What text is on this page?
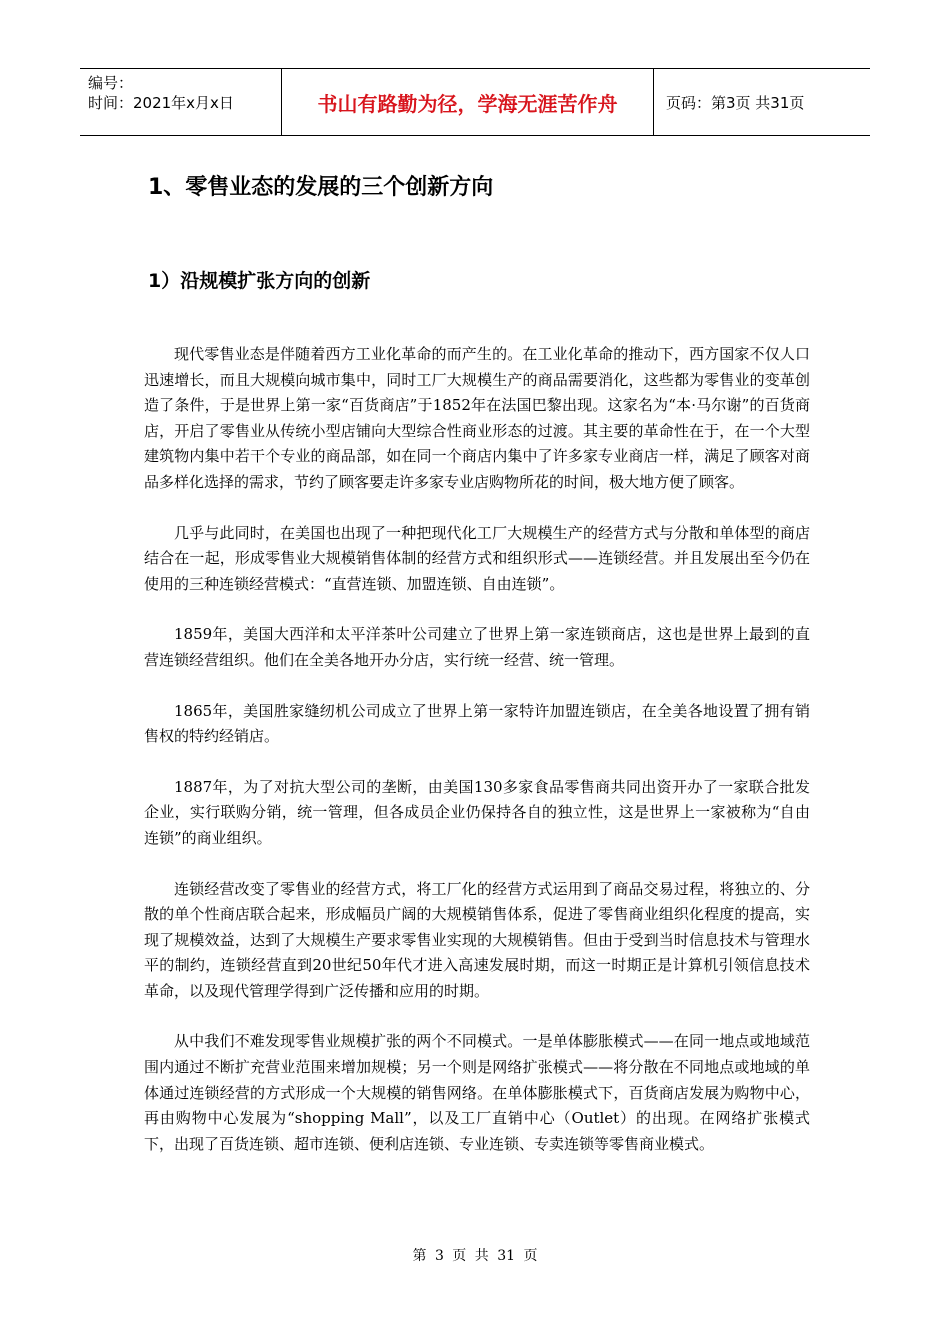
编号：
时间：2021年x月x日	书山有路勤为径，学海无涯苦作舟	页码：第3页 共31页
1、零售业态的发展的三个创新方向
1）沿规模扩张方向的创新

现代零售业态是伴随着西方工业化革命的而产生的。在工业化革命的推动下，西方国家不仅人口迅速增长，而且大规模向城市集中，同时工厂大规模生产的商品需要消化，这些都为零售业的变革创造了条件，于是世界上第一家“百货商店”于1852年在法国巴黎出现。这家名为“本·马尔谢”的百货商店，开启了零售业从传统小型店铺向大型综合性商业形态的过渡。其主要的革命性在于，在一个大型建筑物内集中若干个专业的商品部，如在同一个商店内集中了许多家专业商店一样，满足了顾客对商品多样化选择的需求，节约了顾客要走许多家专业店购物所花的时间，极大地方便了顾客。

几乎与此同时，在美国也出现了一种把现代化工厂大规模生产的经营方式与分散和单体型的商店结合在一起，形成零售业大规模销售体制的经营方式和组织形式——连锁经营。并且发展出至今仍在使用的三种连锁经营模式：“直营连锁、加盟连锁、自由连锁”。

1859年，美国大西洋和太平洋茶叶公司建立了世界上第一家连锁商店，这也是世界上最到的直营连锁经营组织。他们在全美各地开办分店，实行统一经营、统一管理。

1865年，美国胜家缝纫机公司成立了世界上第一家特许加盟连锁店，在全美各地设置了拥有销售权的特约经销店。

1887年，为了对抗大型公司的垄断，由美国130多家食品零售商共同出资开办了一家联合批发企业，实行联购分销，统一管理，但各成员企业仍保持各自的独立性，这是世界上一家被称为“自由连锁”的商业组织。

连锁经营改变了零售业的经营方式，将工厂化的经营方式运用到了商品交易过程，将独立的、分散的单个性商店联合起来，形成幅员广阔的大规模销售体系，促进了零售商业组织化程度的提高，实现了规模效益，达到了大规模生产要求零售业实现的大规模销售。但由于受到当时信息技术与管理水平的制约，连锁经营直到20世纪50年代才进入高速发展时期，而这一时期正是计算机引领信息技术革命，以及现代管理学得到广泛传播和应用的时期。

从中我们不难发现零售业规模扩张的两个不同模式。一是单体膨胀模式——在同一地点或地域范围内通过不断扩充营业范围来增加规模；另一个则是网络扩张模式——将分散在不同地点或地域的单体通过连锁经营的方式形成一个大规模的销售网络。在单体膨胀模式下，百货商店发展为购物中心，再由购物中心发展为“shopping Mall”，以及工厂直销中心（Outlet）的出现。在网络扩张模式下，出现了百货连锁、超市连锁、便利店连锁、专业连锁、专卖连锁等零售商业模式。

第 3 页 共 31 页
